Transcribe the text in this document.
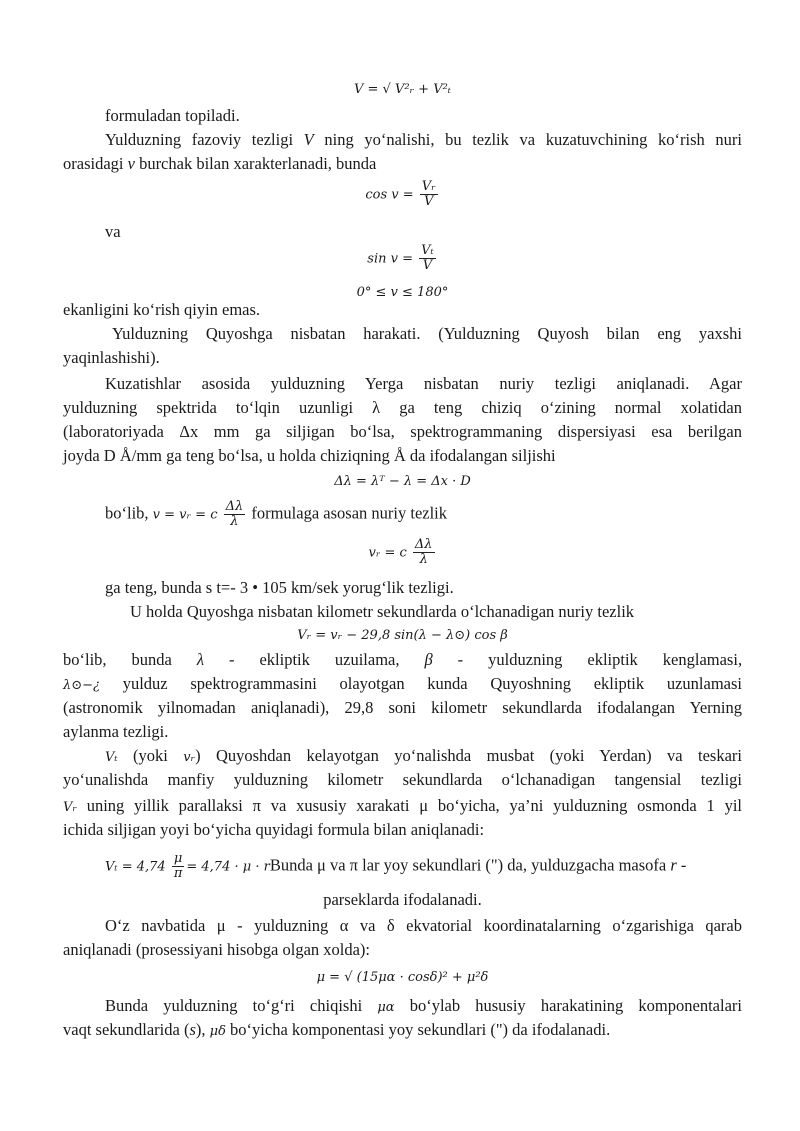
V = √ V²ᵣ + V²ₜ
formuladan topiladi.
Yulduzning fazoviy tezligi V ning yo‘nalishi, bu tezlik va kuzatuvchining ko‘rish nuri
orasidagi v burchak bilan xarakterlanadi, bunda
$\cos v = \frac{\text{Vᵣ}}{V}$
va
$\sin v = \frac{\text{Vₜ}}{V}$
0° ≤ v ≤ 180°
ekanligini ko‘rish qiyin emas.
Yulduzning Quyoshga nisbatan harakati. (Yulduzning Quyosh bilan eng yaxshi
yaqinlashishi).
Kuzatishlar asosida yulduzning Yerga nisbatan nuriy tezligi aniqlanadi. Agar
yulduzning spektrida to‘lqin uzunligi λ ga teng chiziq o‘zining normal xolatidan
(laboratoriyada Δx mm ga siljigan bo‘lsa, spektrogrammaning dispersiyasi esa berilgan
joyda D Å/mm ga teng bo‘lsa, u holda chiziqning Å da ifodalangan siljishi
Δλ = λᵀ − λ = Δx · D
bo‘lib, v = vᵣ = c $\frac{\Delta\lambda}{\lambda}$ formulaga asosan nuriy tezlik
vᵣ = c $\frac{\Delta\lambda}{\lambda}$
ga teng, bunda s t=- 3 • 105 km/sek yorug‘lik tezligi.
U holda Quyoshga nisbatan kilometr sekundlarda o‘lchanadigan nuriy tezlik
Vᵣ = vᵣ − 29,8 sin(λ − λ⊙) cos β
bo‘lib, bunda λ - ekliptik uzuilama, β - yulduzning ekliptik kenglamasi,
λ⊙−¿ yulduz spektrogrammasini olayotgan kunda Quyoshning ekliptik uzunlamasi
(astronomik yilnomadan aniqlanadi), 29,8 soni kilometr sekundlarda ifodalangan Yerning
aylanma tezligi.
Vₜ (yoki vᵣ) Quyoshdan kelayotgan yo‘nalishda musbat (yoki Yerdan) va teskari
yo‘unalishda manfiy yulduzning kilometr sekundlarda o‘lchanadigan tangensial tezligi
Vᵣ uning yillik parallaksi π va xususiy xarakati μ bo‘yicha, ya’ni yulduzning osmonda 1 yil
ichida siljigan yoyi bo‘yicha quyidagi formula bilan aniqlanadi:
$V_t = 4,74 \frac{\mu}{\pi} = 4,74 \cdot \mu$ · rBunda μ va π lar yoy sekundlari (") da, yulduzgacha masofa r -
parseklarda ifodalanadi.
O‘z navbatida μ - yulduzning α va δ ekvatorial koordinatalarning o‘zgarishiga qarab
aniqlanadi (prosessiyani hisobga olgan xolda):
μ = √ (15μα · cosδ)² + μ²δ
Bunda yulduzning to‘g‘ri chiqishi μα bo‘ylab hususiy harakatining komponentalari
vaqt sekundlarida (s), μδ bo‘yicha komponentasi yoy sekundlari (") da ifodalanadi.
